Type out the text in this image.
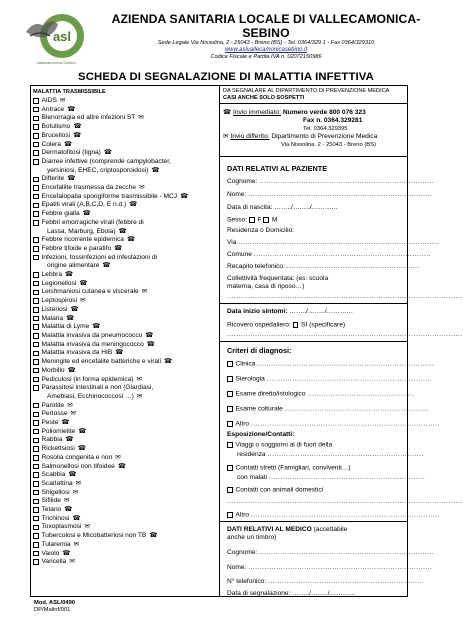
asl
Vallecamonica Sebino
AZIENDA SANITARIA LOCALE DI VALLECAMONICA-SEBINO
Sede Legale Via Nissolina, 2 - 25043 - Breno (BS) - Tel. 0364/329.1 - Fax 0364/329310
www.aslvallecamonicasebino.it
Codice Fiscale e Partita IVA n. 02072150986
SCHEDA DI SEGNALAZIONE DI MALATTIA INFETTIVA
MALATTIA TRASMISSIBILE
AIDS ✉
Antrace ☎
Blenorragia ed altre infezioni ST ✉
Botulismo ☎
Brucellosi ☎
Colera ☎
Dermatofitosi (tigna) ☎
Diarree infettive (comprende campylobacter,
yersiniosi, EHEC, criptosporoidosi) ☎
Difterite ☎
Encefaliite trasmessa da zecche ✉
Encefalopatia spongiforme trasmissibile - MCJ ☎
Epatiti virali (A,B,C,D, E n.d.) ☎
Febbre gialla ☎
Febbri emorragiche virali (febbre di
Lassa, Marburg, Ebola) ☎
Febbre ricorrente epidemica ☎
Febbre tifoide e paratifo ☎
Infezioni, tossinfezioni ed infestazioni di
origine alimentare ☎
Lebbra ☎
Legionellosi ☎
Leishmaniosi cutanea e viscerale ✉
Leptospirosi ✉
Listeriosi ☎
Malaria ☎
Malattia di Lyme ☎
Malattia invasiva da pneumococco ☎
Malattia invasiva da meningococco ☎
Malattia invasiva da HIB ☎
Meningite ed encefalite batteriche e virali ☎
Morbillo ☎
Pediculosi (in forma epidemica) ✉
Parassitosi intestinali e non (Giardiasi,
Amebiasi, Ecchinococcosi …) ✉
Parotite ✉
Pertosse ✉
Peste ☎
Poliomielite ☎
Rabbia ☎
Rickettsiosi ☎
Rosolia congenita e non ✉
Salmonellosi non tifoidee ☎
Scabbia ☎
Scarlattina ✉
Shigellosi ✉
Sifilide ✉
Tetano ☎
Trichinosi ☎
Toxoplasmosi ✉
Tubercolosi e Micobatteriosi non TB ☎
Tularemia ✉
Vaiolo ☎
Varicella ✉
DA SEGNALARE AL DIPARTIMENTO DI PREVENZIONE MEDICA
CASI ANCHE SOLO SOSPETTI
☎ Invio immediato: Numero verde 800 076 323
Fax n. 0364.329281
Tel. 0364.329395
✉ Invio differito: Dipartimento di Prevenzione Medica
Via Nissolina, 2 - 25043 - Breno (BS)
DATI RELATIVI AL PAZIENTE
Cognome: ...........................................................................
Nome: ...............................................................................
Data di nascita: ……../……../…………
Sesso: F M
Residenza o Domicilio:
Via ......................................................................................
Comune ............................................................................
Recapito telefonico: .........................................................
Collettività frequentata: (es: scuola
materna, casa di riposo…)
.....................................................................................................
Data inizio sintomi: ……../……../…………
Ricovero ospedaliero: SI (specificare)
.....................................................................................................
Criteri di diagnosi:
Clinica ............................................................................
Sierologia .......................................................................
Esame diretto/istologico ..............................................
Esame colturale ..............................................................
Altro .................................................................................
Esposizione/Contatti:
Viaggi o soggiorni al di fuori della
residenza ...................................................................
Contatti stretti (Famigliari, conviventi…)
con malati ...................................................................
Contatti con animali domestici
.....................................................................................................
Altro .................................................................................
DATI RELATIVI AL MEDICO (accettabile
anche un timbro)
Cognome: ...........................................................................
Nome: ...............................................................................
N° telefonico: ...................................................................
Data di segnalazione: ……../……../…………
Mod. ASL/0490
DP/Malinf/001
